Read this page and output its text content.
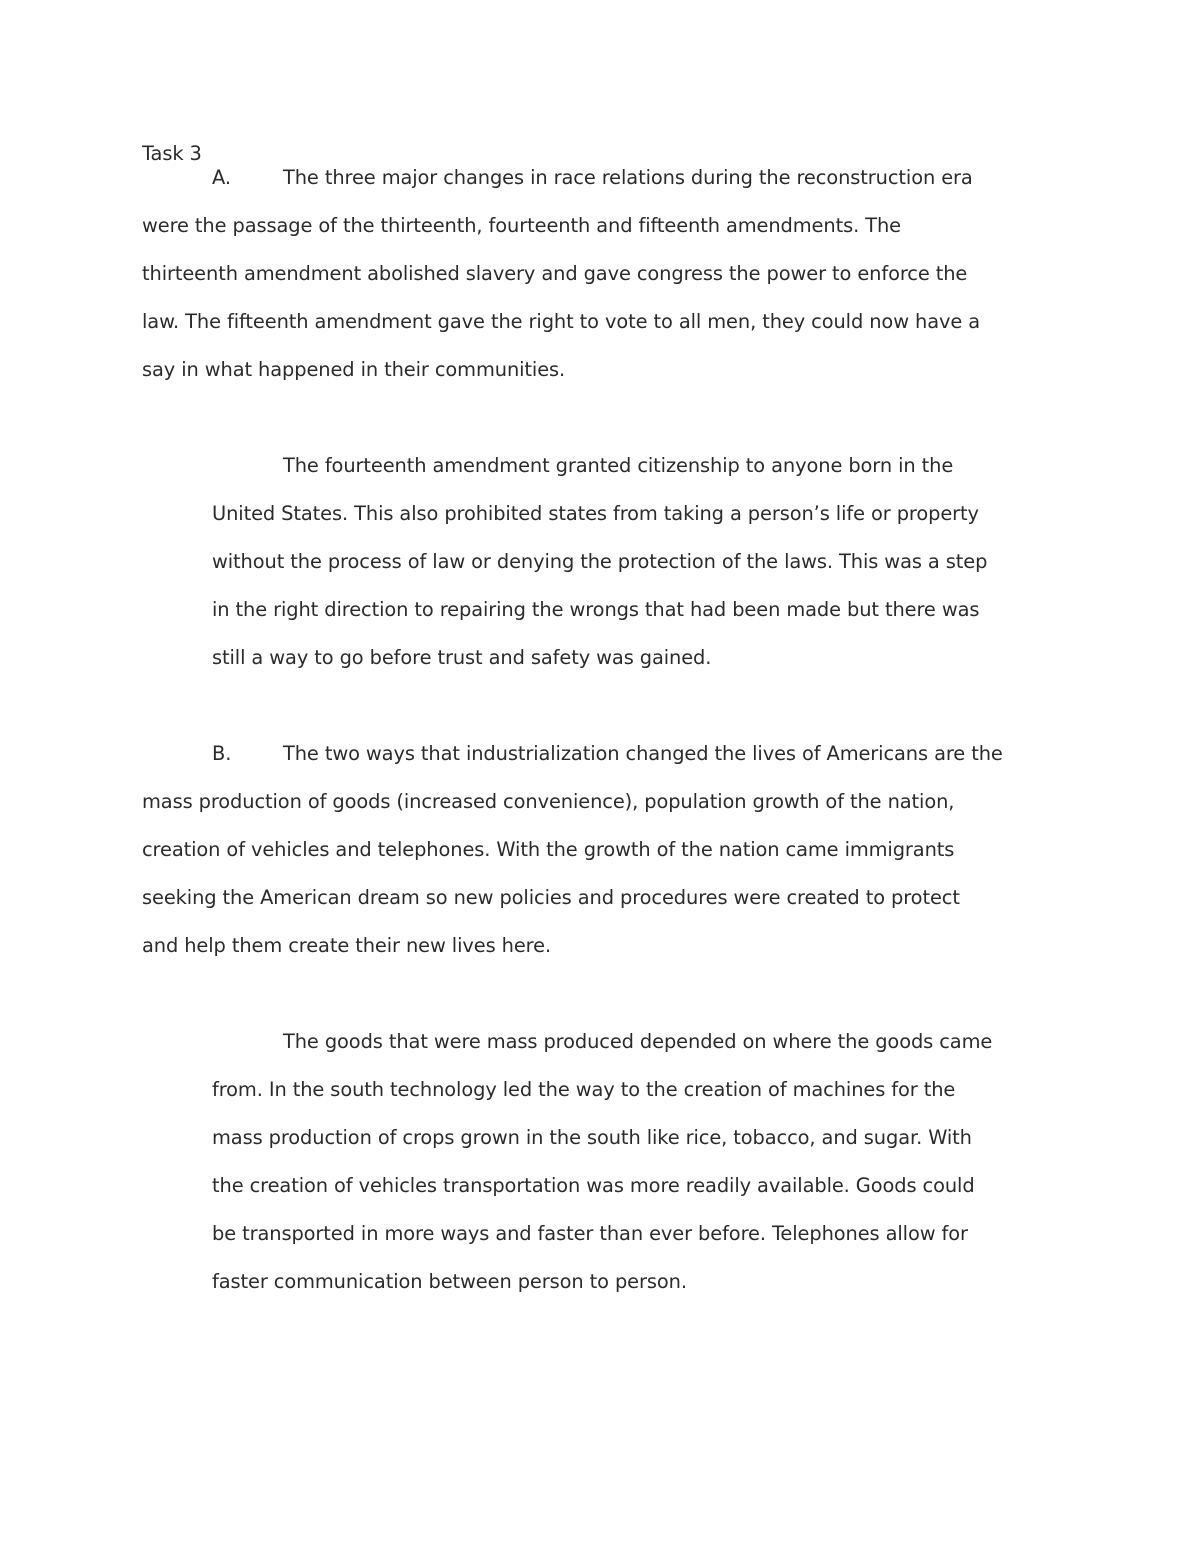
Task 3
A.	The three major changes in race relations during the reconstruction era
were the passage of the thirteenth, fourteenth and fifteenth amendments. The
thirteenth amendment abolished slavery and gave congress the power to enforce the
law. The fifteenth amendment gave the right to vote to all men, they could now have a
say in what happened in their communities.
The fourteenth amendment granted citizenship to anyone born in the
United States. This also prohibited states from taking a person’s life or property
without the process of law or denying the protection of the laws. This was a step
in the right direction to repairing the wrongs that had been made but there was
still a way to go before trust and safety was gained.
B.	The two ways that industrialization changed the lives of Americans are the
mass production of goods (increased convenience), population growth of the nation,
creation of vehicles and telephones. With the growth of the nation came immigrants
seeking the American dream so new policies and procedures were created to protect
and help them create their new lives here.
The goods that were mass produced depended on where the goods came
from. In the south technology led the way to the creation of machines for the
mass production of crops grown in the south like rice, tobacco, and sugar. With
the creation of vehicles transportation was more readily available. Goods could
be transported in more ways and faster than ever before. Telephones allow for
faster communication between person to person.
